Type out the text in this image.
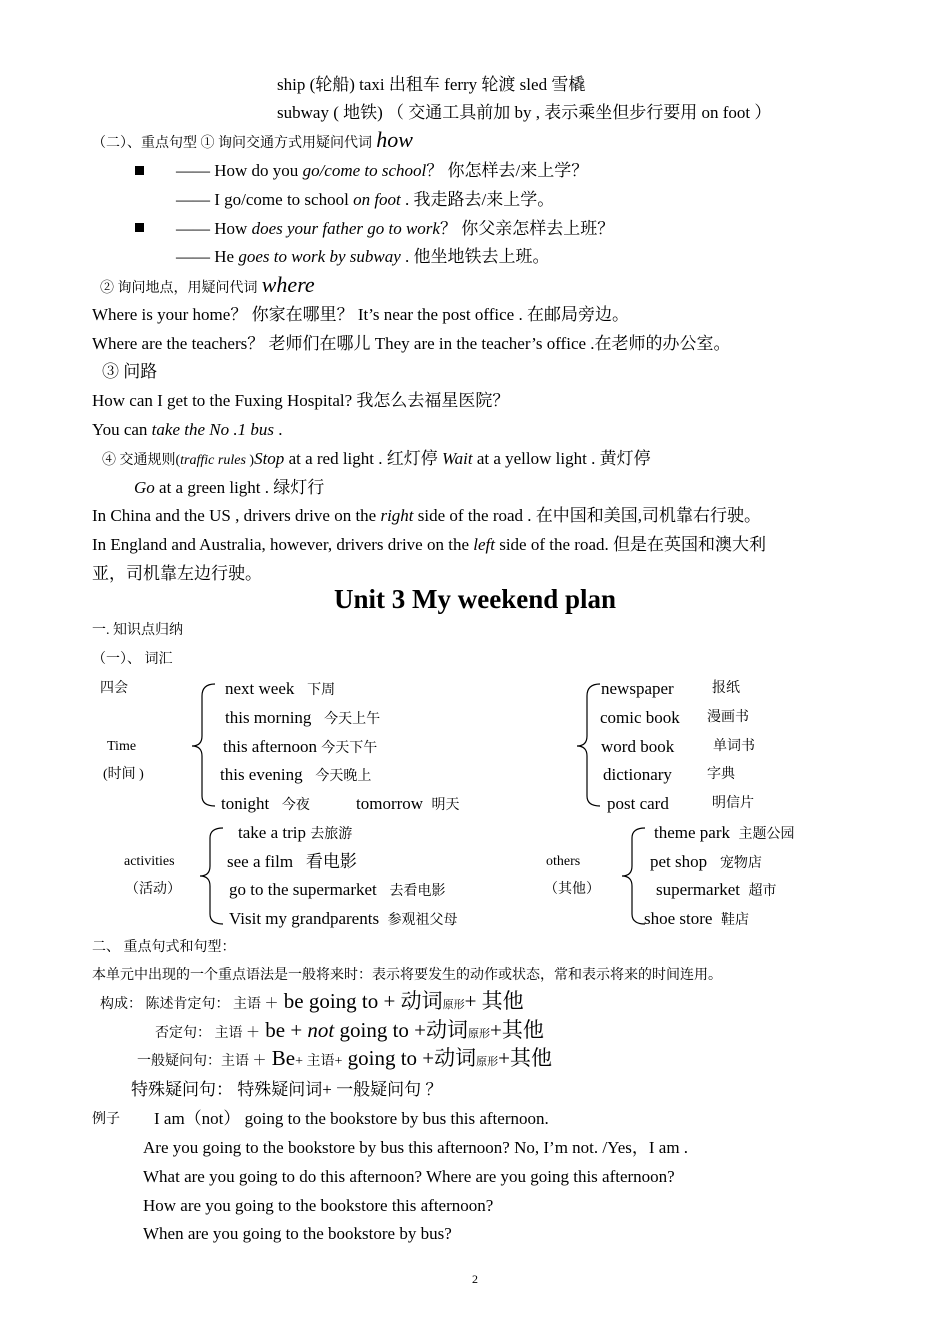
ship (轮船) taxi 出租车 ferry 轮渡 sled 雪橇
subway ( 地铁) （ 交通工具前加 by , 表示乘坐但步行要用 on foot ）
（二）、重点句型 ① 询问交通方式用疑问代词 how
—— How do you go/come to school？ 你怎样去/来上学？
—— I go/come to school on foot . 我走路去/来上学。
—— How does your father go to work？ 你父亲怎样去上班？
—— He goes to work by subway . 他坐地铁去上班。
② 询问地点，用疑问代词 where
Where is your home？ 你家在哪里？ It’s near the post office . 在邮局旁边。
Where are the teachers？ 老师们在哪儿 They are in the teacher’s office .在老师的办公室。
③ 问路
How can I get to the Fuxing Hospital? 我怎么去福星医院？
You can take the No .1 bus .
④ 交通规则(traffic rules )Stop at a red light . 红灯停 Wait at a yellow light . 黄灯停
Go at a green light . 绿灯行
In China and the US , drivers drive on the right side of the road . 在中国和美国,司机靠右行驶。
In England and Australia, however, drivers drive on the left side of the road. 但是在英国和澳大利
亚，司机靠左边行驶。
Unit 3 My weekend plan
一. 知识点归纳
（一）、 词汇
四会
Time
(时间 )
next week 下周
this morning 今天上午
this afternoon 今天下午
this evening 今天晚上
tonight 今夜	tomorrow 明天
newspaper	报纸
comic book 漫画书
word book	单词书
dictionary	字典
post card	明信片
activities
（活动）
take a trip 去旅游
see a film 看电影
go to the supermarket 去看电影
Visit my grandparents 参观祖父母
others
（其他）
theme park 主题公园
pet shop 宠物店
supermarket 超市
shoe store 鞋店
二、 重点句式和句型：
本单元中出现的一个重点语法是一般将来时：表示将要发生的动作或状态，常和表示将来的时间连用。
构成： 陈述肯定句： 主语 ＋ be going to + 动词原形+ 其他
否定句： 主语 ＋ be + not going to +动词原形+其他
一般疑问句：主语 ＋ Be+ 主语+ going to +动词原形+其他
特殊疑问句： 特殊疑问词+ 一般疑问句 ？
例子 I am（not） going to the bookstore by bus this afternoon.
Are you going to the bookstore by bus this afternoon? No, I’m not. /Yes，I am .
What are you going to do this afternoon? Where are you going this afternoon?
How are you going to the bookstore this afternoon?
When are you going to the bookstore by bus?
2
